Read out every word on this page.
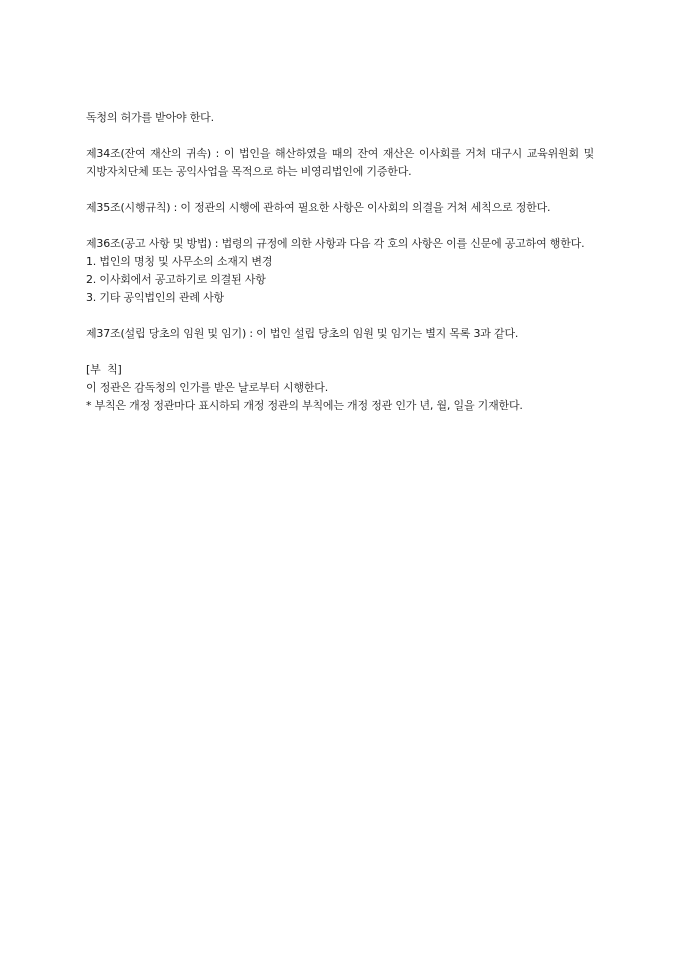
독청의 허가를 받아야 한다.

제34조(잔여 재산의 귀속) : 이 법인을 해산하였을 때의 잔여 재산은 이사회를 거쳐 대구시 교육위원회 및 지방자치단체 또는 공익사업을 목적으로 하는 비영리법인에 기증한다.

제35조(시행규칙) : 이 정관의 시행에 관하여 필요한 사항은 이사회의 의결을 거쳐 세칙으로 정한다.

제36조(공고 사항 및 방법) : 법령의 규정에 의한 사항과 다음 각 호의 사항은 이를 신문에 공고하여 행한다.

1. 법인의 명칭 및 사무소의 소재지 변경

2. 이사회에서 공고하기로 의결된 사항

3. 기타 공익법인의 관례 사항

제37조(설립 당초의 임원 및 임기) : 이 법인 설립 당초의 임원 및 임기는 별지 목록 3과 같다.

[부  칙]

이 정관은 감독청의 인가를 받은 날로부터 시행한다.

* 부칙은 개정 정관마다 표시하되 개정 정관의 부칙에는 개정 정관 인가 년, 월, 일을 기재한다.
